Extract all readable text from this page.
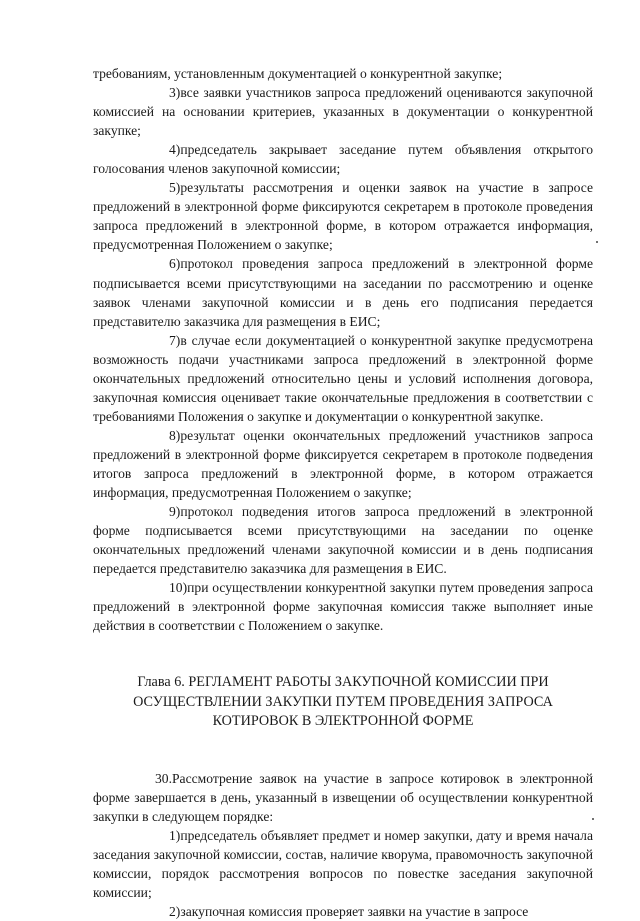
требованиям, установленным документацией о конкурентной закупке;

3)все заявки участников запроса предложений оцениваются закупочной комиссией на основании критериев, указанных в документации о конкурентной закупке;

4)председатель закрывает заседание путем объявления открытого голосования членов закупочной комиссии;

5)результаты рассмотрения и оценки заявок на участие в запросе предложений в электронной форме фиксируются секретарем в протоколе проведения запроса предложений в электронной форме, в котором отражается информация, предусмотренная Положением о закупке;

6)протокол проведения запроса предложений в электронной форме подписывается всеми присутствующими на заседании по рассмотрению и оценке заявок членами закупочной комиссии и в день его подписания передается представителю заказчика для размещения в ЕИС;

7)в случае если документацией о конкурентной закупке предусмотрена возможность подачи участниками запроса предложений в электронной форме окончательных предложений относительно цены и условий исполнения договора, закупочная комиссия оценивает такие окончательные предложения в соответствии с требованиями Положения о закупке и документации о конкурентной закупке.

8)результат оценки окончательных предложений участников запроса предложений в электронной форме фиксируется секретарем в протоколе подведения итогов запроса предложений в электронной форме, в котором отражается информация, предусмотренная Положением о закупке;

9)протокол подведения итогов запроса предложений в электронной форме подписывается всеми присутствующими на заседании по оценке окончательных предложений членами закупочной комиссии и в день подписания передается представителю заказчика для размещения в ЕИС.

10)при осуществлении конкурентной закупки путем проведения запроса предложений в электронной форме закупочная комиссия также выполняет иные действия в соответствии с Положением о закупке.

Глава 6. РЕГЛАМЕНТ РАБОТЫ ЗАКУПОЧНОЙ КОМИССИИ ПРИ
ОСУЩЕСТВЛЕНИИ ЗАКУПКИ ПУТЕМ ПРОВЕДЕНИЯ ЗАПРОСА
КОТИРОВОК В ЭЛЕКТРОННОЙ ФОРМЕ

30.Рассмотрение заявок на участие в запросе котировок в электронной форме завершается в день, указанный в извещении об осуществлении конкурентной закупки в следующем порядке:

1)председатель объявляет предмет и номер закупки, дату и время начала заседания закупочной комиссии, состав, наличие кворума, правомочность закупочной комиссии, порядок рассмотрения вопросов по повестке заседания закупочной комиссии;

2)закупочная комиссия проверяет заявки на участие в запросе
